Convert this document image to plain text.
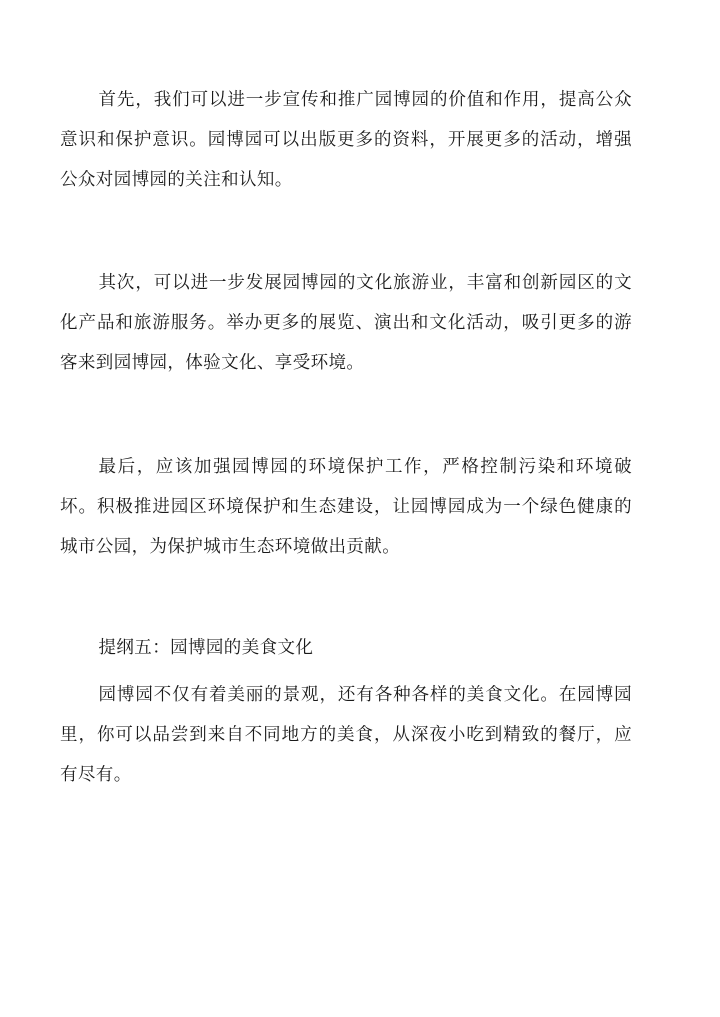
首先，我们可以进一步宣传和推广园博园的价值和作用，提高公众意识和保护意识。园博园可以出版更多的资料，开展更多的活动，增强公众对园博园的关注和认知。

其次，可以进一步发展园博园的文化旅游业，丰富和创新园区的文化产品和旅游服务。举办更多的展览、演出和文化活动，吸引更多的游客来到园博园，体验文化、享受环境。

最后，应该加强园博园的环境保护工作，严格控制污染和环境破坏。积极推进园区环境保护和生态建设，让园博园成为一个绿色健康的城市公园，为保护城市生态环境做出贡献。

提纲五：园博园的美食文化

园博园不仅有着美丽的景观，还有各种各样的美食文化。在园博园里，你可以品尝到来自不同地方的美食，从深夜小吃到精致的餐厅，应有尽有。
